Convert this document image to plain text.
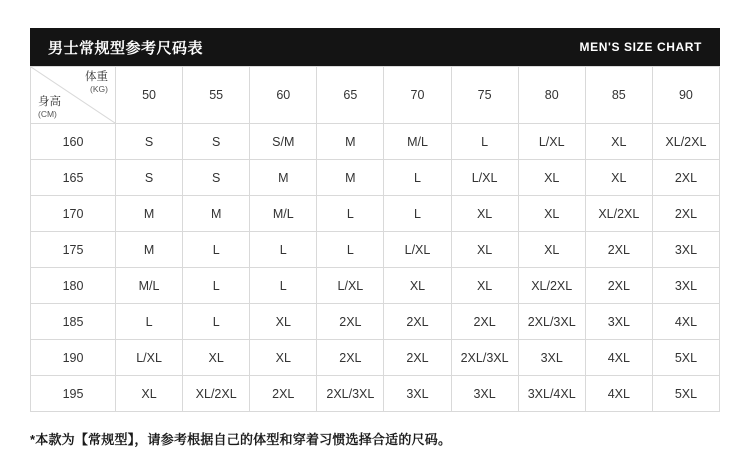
男士常规型参考尺码表	MEN'S SIZE CHART
体重
(KG)
身高
(CM)	50	55	60	65	70	75	80	85	90
160	S	S	S/M	M	M/L	L	L/XL	XL	XL/2XL
165	S	S	M	M	L	L/XL	XL	XL	2XL
170	M	M	M/L	L	L	XL	XL	XL/2XL	2XL
175	M	L	L	L	L/XL	XL	XL	2XL	3XL
180	M/L	L	L	L/XL	XL	XL	XL/2XL	2XL	3XL
185	L	L	XL	2XL	2XL	2XL	2XL/3XL	3XL	4XL
190	L/XL	XL	XL	2XL	2XL	2XL/3XL	3XL	4XL	5XL
195	XL	XL/2XL	2XL	2XL/3XL	3XL	3XL	3XL/4XL	4XL	5XL
*本款为【常规型】，请参考根据自己的体型和穿着习惯选择合适的尺码。
